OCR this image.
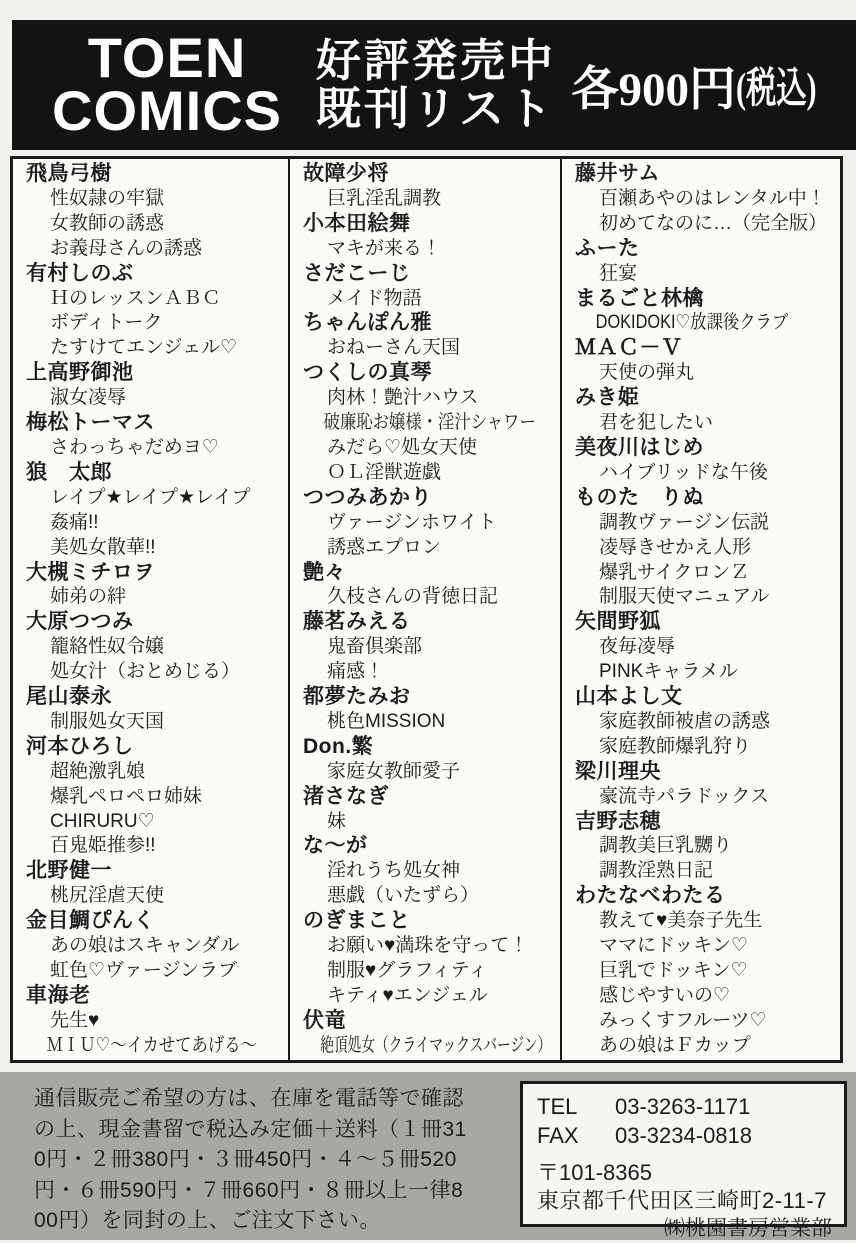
TOEN
COMICS
好評発売中
既刊リスト 各900円 (税込)
飛鳥弓樹
性奴隷の牢獄
女教師の誘惑
お義母さんの誘惑
有村しのぶ
ＨのレッスンＡＢＣ
ボディトーク
たすけてエンジェル♡
上高野御池
淑女凌辱
梅松トーマス
さわっちゃだめヨ♡
狼　太郎
レイプ★レイプ★レイプ
姦痛!!
美処女散華!!
大槻ミチロヲ
姉弟の絆
大原つつみ
籠絡性奴令嬢
処女汁（おとめじる）
尾山泰永
制服処女天国
河本ひろし
超絶激乳娘
爆乳ペロペロ姉妹
CHIRURU♡
百鬼姫推参!!
北野健一
桃尻淫虐天使
金目鯛ぴんく
あの娘はスキャンダル
虹色♡ヴァージンラブ
車海老
先生♥
ＭＩＵ♡～イカせてあげる～
故障少将
巨乳淫乱調教
小本田絵舞
マキが来る！
さだこーじ
メイド物語
ちゃんぽん雅
おねーさん天国
つくしの真琴
肉林！艶汁ハウス
破廉恥お嬢様・淫汁シャワー
みだら♡処女天使
ＯＬ淫獣遊戯
つつみあかり
ヴァージンホワイト
誘惑エプロン
艶々
久枝さんの背徳日記
藤茗みえる
鬼畜倶楽部
痛感！
都夢たみお
桃色MISSION
Don.繁
家庭女教師愛子
渚さなぎ
妹
な～が
淫れうち処女神
悪戯（いたずら）
のぎまこと
お願い♥満珠を守って！
制服♥グラフィティ
キティ♥エンジェル
伏竜
絶頂処女（クライマックスバージン）
藤井サム
百瀬あやのはレンタル中！
初めてなのに…（完全版）
ふーた
狂宴
まるごと林檎
DOKIDOKI♡放課後クラブ
ＭＡＣ－Ｖ
天使の弾丸
みき姫
君を犯したい
美夜川はじめ
ハイブリッドな午後
ものた　りぬ
調教ヴァージン伝説
凌辱きせかえ人形
爆乳サイクロンＺ
制服天使マニュアル
矢間野狐
夜毎凌辱
PINKキャラメル
山本よし文
家庭教師被虐の誘惑
家庭教師爆乳狩り
梁川理央
豪流寺パラドックス
吉野志穂
調教美巨乳嬲り
調教淫熟日記
わたなべわたる
教えて♥美奈子先生
ママにドッキン♡
巨乳でドッキン♡
感じやすいの♡
みっくすフルーツ♡
あの娘はＦカップ
通信販売ご希望の方は、在庫を電話等で確認
の上、現金書留で税込み定価＋送料（１冊31
0円・２冊380円・３冊450円・４～５冊520
円・６冊590円・７冊660円・８冊以上一律8
00円）を同封の上、ご注文下さい。
TEL	03-3263-1171
FAX	03-3234-0818
〒101-8365
東京都千代田区三崎町2-11-7
㈱桃園書房営業部
